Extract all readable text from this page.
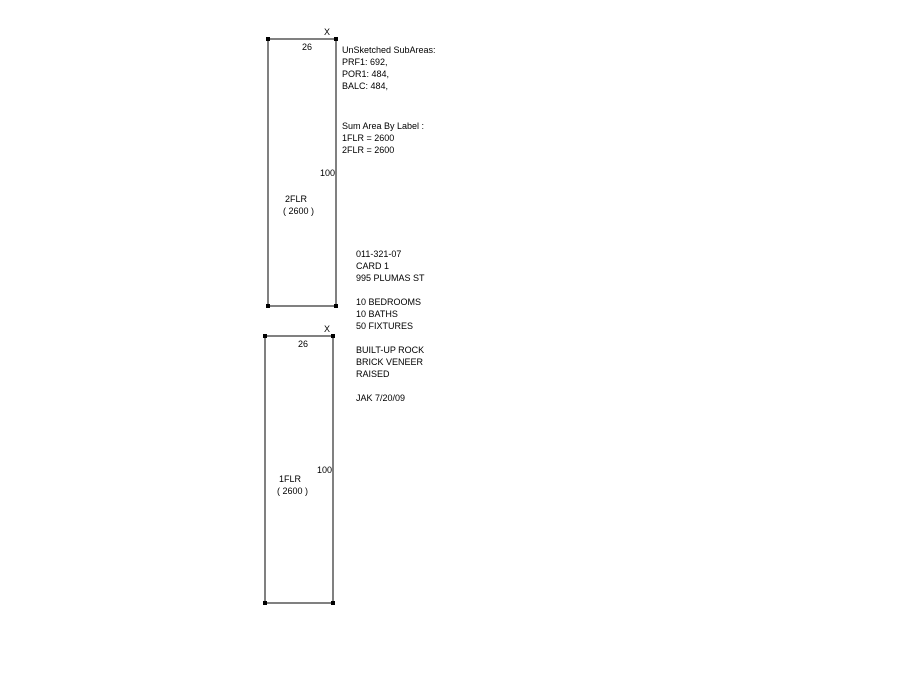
X
26
100
2FLR
( 2600 )
X
26
100
1FLR
( 2600 )
UnSketched SubAreas:
PRF1: 692,
POR1: 484,
BALC: 484,
Sum Area By Label :
1FLR = 2600
2FLR = 2600
011-321-07
CARD 1
995 PLUMAS ST
10 BEDROOMS
10 BATHS
50 FIXTURES
BUILT-UP ROCK
BRICK VENEER
RAISED
JAK 7/20/09
